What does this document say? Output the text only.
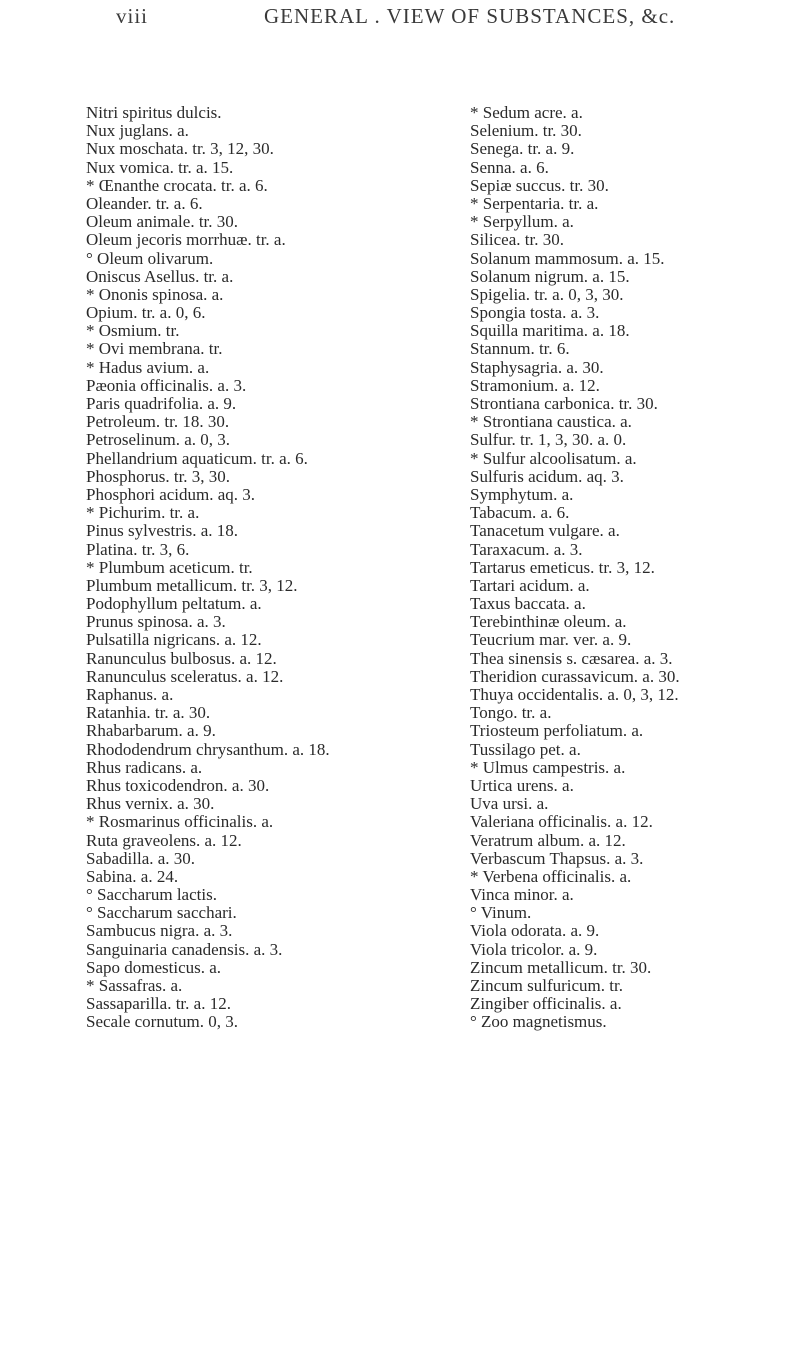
viii	GENERAL . VIEW OF SUBSTANCES, &c.
Nitri spiritus dulcis.
Nux juglans. a.
Nux moschata. tr. 3, 12, 30.
Nux vomica. tr. a. 15.
* Œnanthe crocata. tr. a. 6.
Oleander. tr. a. 6.
Oleum animale. tr. 30.
Oleum jecoris morrhuæ. tr. a.
° Oleum olivarum.
Oniscus Asellus. tr. a.
* Ononis spinosa. a.
Opium. tr. a. 0, 6.
* Osmium. tr.
* Ovi membrana. tr.
* Hadus avium. a.
Pæonia officinalis. a. 3.
Paris quadrifolia. a. 9.
Petroleum. tr. 18. 30.
Petroselinum. a. 0, 3.
Phellandrium aquaticum. tr. a. 6.
Phosphorus. tr. 3, 30.
Phosphori acidum. aq. 3.
* Pichurim. tr. a.
Pinus sylvestris. a. 18.
Platina. tr. 3, 6.
* Plumbum aceticum. tr.
Plumbum metallicum. tr. 3, 12.
Podophyllum peltatum. a.
Prunus spinosa. a. 3.
Pulsatilla nigricans. a. 12.
Ranunculus bulbosus. a. 12.
Ranunculus sceleratus. a. 12.
Raphanus. a.
Ratanhia. tr. a. 30.
Rhabarbarum. a. 9.
Rhododendrum chrysanthum. a. 18.
Rhus radicans. a.
Rhus toxicodendron. a. 30.
Rhus vernix. a. 30.
* Rosmarinus officinalis. a.
Ruta graveolens. a. 12.
Sabadilla. a. 30.
Sabina. a. 24.
° Saccharum lactis.
° Saccharum sacchari.
Sambucus nigra. a. 3.
Sanguinaria canadensis. a. 3.
Sapo domesticus. a.
* Sassafras. a.
Sassaparilla. tr. a. 12.
Secale cornutum. 0, 3.
* Sedum acre. a.
Selenium. tr. 30.
Senega. tr. a. 9.
Senna. a. 6.
Sepiæ succus. tr. 30.
* Serpentaria. tr. a.
* Serpyllum. a.
Silicea. tr. 30.
Solanum mammosum. a. 15.
Solanum nigrum. a. 15.
Spigelia. tr. a. 0, 3, 30.
Spongia tosta. a. 3.
Squilla maritima. a. 18.
Stannum. tr. 6.
Staphysagria. a. 30.
Stramonium. a. 12.
Strontiana carbonica. tr. 30.
* Strontiana caustica. a.
Sulfur. tr. 1, 3, 30. a. 0.
* Sulfur alcoolisatum. a.
Sulfuris acidum. aq. 3.
Symphytum. a.
Tabacum. a. 6.
Tanacetum vulgare. a.
Taraxacum. a. 3.
Tartarus emeticus. tr. 3, 12.
Tartari acidum. a.
Taxus baccata. a.
Terebinthinæ oleum. a.
Teucrium mar. ver. a. 9.
Thea sinensis s. cæsarea. a. 3.
Theridion curassavicum. a. 30.
Thuya occidentalis. a. 0, 3, 12.
Tongo. tr. a.
Triosteum perfoliatum. a.
Tussilago pet. a.
* Ulmus campestris. a.
Urtica urens. a.
Uva ursi. a.
Valeriana officinalis. a. 12.
Veratrum album. a. 12.
Verbascum Thapsus. a. 3.
* Verbena officinalis. a.
Vinca minor. a.
° Vinum.
Viola odorata. a. 9.
Viola tricolor. a. 9.
Zincum metallicum. tr. 30.
Zincum sulfuricum. tr.
Zingiber officinalis. a.
° Zoo magnetismus.
